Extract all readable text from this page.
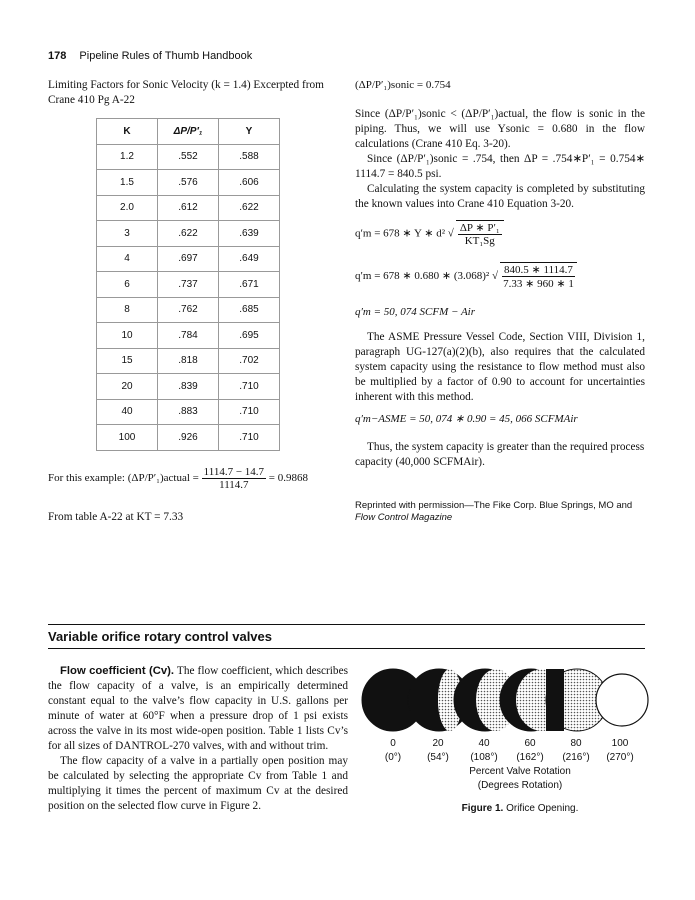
178 Pipeline Rules of Thumb Handbook
Limiting Factors for Sonic Velocity (k = 1.4) Excerpted from Crane 410 Pg A-22
K	ΔP/P′₁	Y
1.2	.552	.588
1.5	.576	.606
2.0	.612	.622
3	.622	.639
4	.697	.649
6	.737	.671
8	.762	.685
10	.784	.695
15	.818	.702
20	.839	.710
40	.883	.710
100	.926	.710
For this example: (ΔP/P′₁)actual = $\frac{1114.7 - 14.7}{1114.7} = 0.9868$
From table A-22 at KT = 7.33
(ΔP/P′₁)sonic = 0.754
Since (ΔP/P′₁)sonic < (ΔP/P′₁)actual, the flow is sonic in the piping. Thus, we will use Ysonic = 0.680 in the flow calculations (Crane 410 Eq. 3-20).
Since (ΔP/P′₁)sonic = .754, then ΔP = .754∗P′₁ = 0.754∗ 1114.7 = 840.5 psi.
Calculating the system capacity is completed by substituting the known values into Crane 410 Equation 3-20.
q′m = 678 ∗ Y ∗ d² √ $\frac{\text{ΔP ∗ P′₁}}{\text{KT₁Sg}}$
q′m = 678 ∗ 0.680 ∗ (3.068)² √ $\frac{840.5 ∗ 1114.7}{7.33 ∗ 960 ∗ 1}$
q′m = 50, 074 SCFM − Air
The ASME Pressure Vessel Code, Section VIII, Division 1, paragraph UG-127(a)(2)(b), also requires that the calculated system capacity using the resistance to flow method must also be multiplied by a factor of 0.90 to account for uncertainties inherent with this method.
q′m−ASME = 50, 074 ∗ 0.90 = 45, 066 SCFMAir
Thus, the system capacity is greater than the required process capacity (40,000 SCFMAir).
Reprinted with permission—The Fike Corp. Blue Springs, MO and
Flow Control Magazine
Variable orifice rotary control valves
Flow coefficient (Cv). The flow coefficient, which describes the flow capacity of a valve, is an empirically determined constant equal to the valve’s flow capacity in U.S. gallons per minute of water at 60°F when a pressure drop of 1 psi exists across the valve in its most wide-open position. Table 1 lists Cv’s for all sizes of DANTROL-270 valves, with and without trim.
The flow capacity of a valve in a partially open position may be calculated by selecting the appropriate Cv from Table 1 and multiplying it times the percent of maximum Cv at the desired position on the selected flow curve in Figure 2.
0	20	40	60	80	100
(0°)	(54°)	(108°)	(162°)	(216°)	(270°)
Percent Valve Rotation
(Degrees Rotation)
Figure 1. Orifice Opening.
